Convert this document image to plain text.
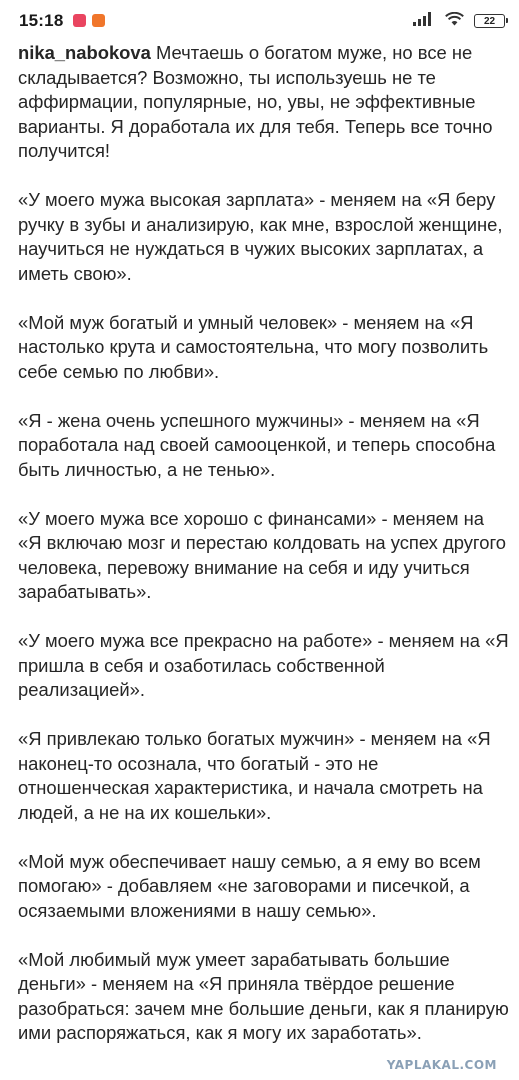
15:18	22

nika_nabokova Мечтаешь о богатом муже, но все не складывается? Возможно, ты используешь не те аффирмации, популярные, но, увы, не эффективные варианты. Я доработала их для тебя. Теперь все точно получится!

«У моего мужа высокая зарплата» - меняем на «Я беру ручку в зубы и анализирую, как мне, взрослой женщине, научиться не нуждаться в чужих высоких зарплатах, а иметь свою».

«Мой муж богатый и умный человек» - меняем на «Я настолько крута и самостоятельна, что могу позволить себе семью по любви».

«Я - жена очень успешного мужчины» - меняем на «Я поработала над своей самооценкой, и теперь способна быть личностью, а не тенью».

«У моего мужа все хорошо с финансами» - меняем на «Я включаю мозг и перестаю колдовать на успех другого человека, перевожу внимание на себя и иду учиться зарабатывать».

«У моего мужа все прекрасно на работе» - меняем на «Я пришла в себя и озаботилась собственной реализацией».

«Я привлекаю только богатых мужчин» - меняем на «Я наконец-то осознала, что богатый - это не отношенческая характеристика, и начала смотреть на людей, а не на их кошельки».

«Мой муж обеспечивает нашу семью, а я ему во всем помогаю» - добавляем «не заговорами и писечкой, а осязаемыми вложениями в нашу семью».

«Мой любимый муж умеет зарабатывать большие деньги» - меняем на «Я приняла твёрдое решение разобраться: зачем мне большие деньги, как я планирую ими распоряжаться, как я могу их заработать».

YAPLAKAL.COM
